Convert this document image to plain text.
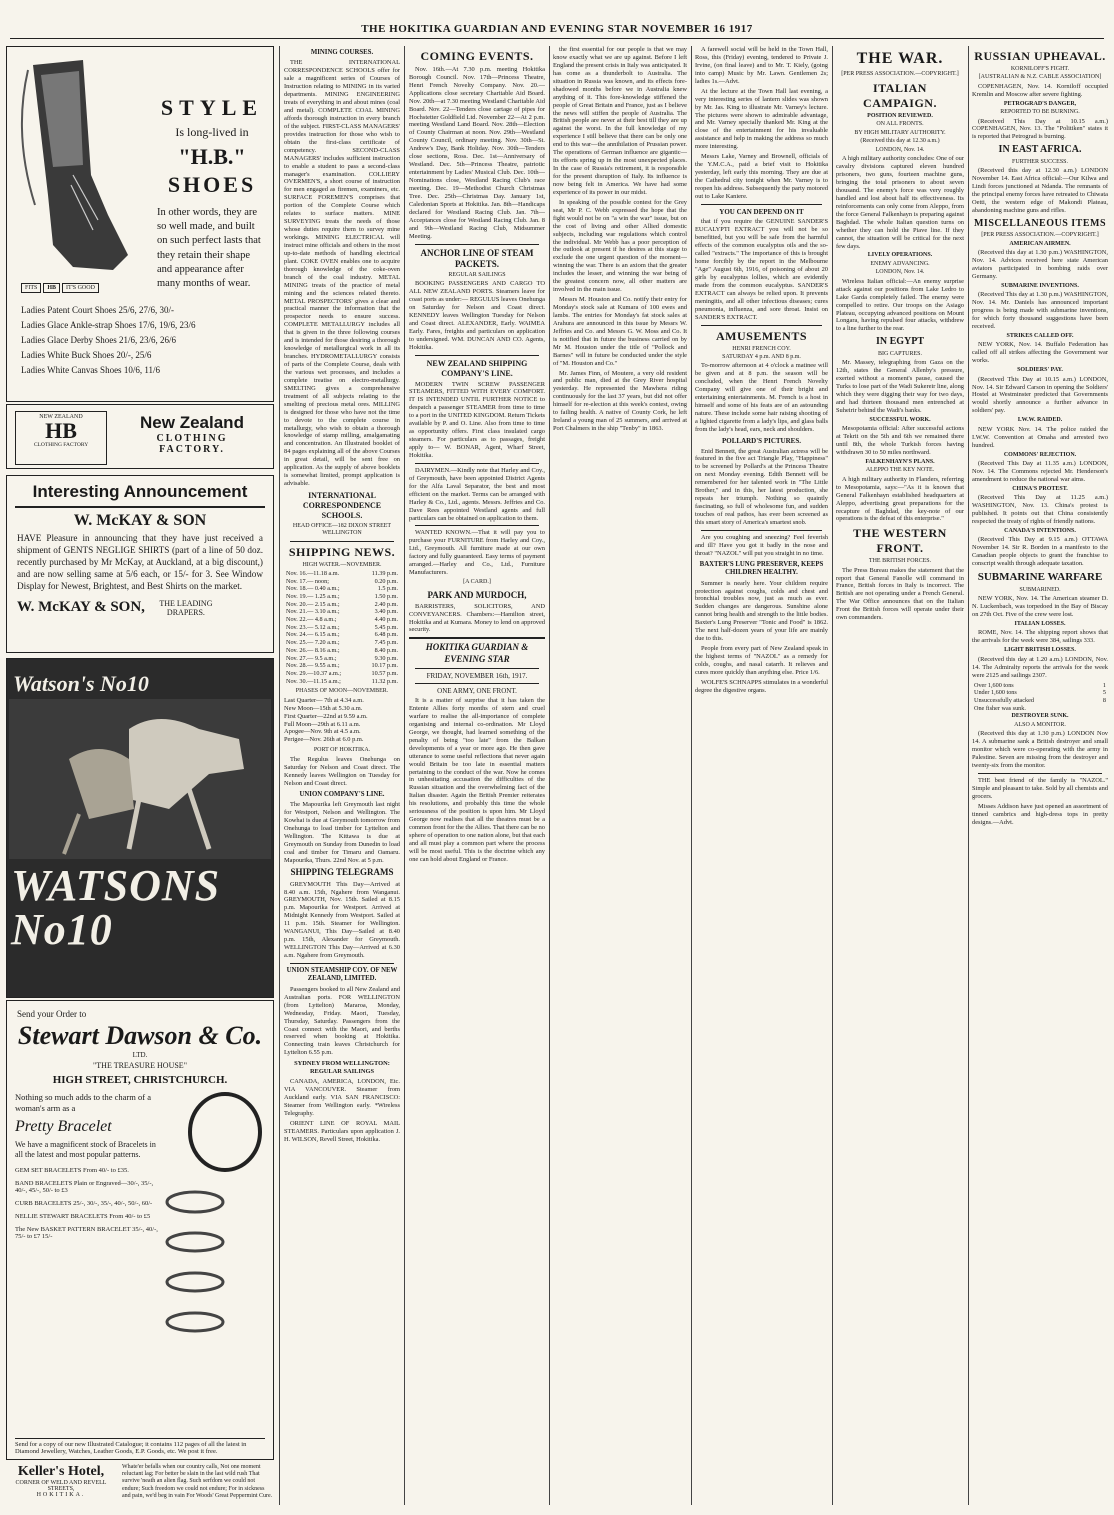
THE HOKITIKA GUARDIAN AND EVENING STAR NOVEMBER 16 1917
STYLE
Is long-lived in
"H.B."
SHOES
In other words, they are so well made, and built on such perfect lasts that they retain their shape and appearance after many months of wear.
FITS	HB	IT'S GOOD
Ladies Patent Court Shoes 25/6, 27/6, 30/-
Ladies Glace Ankle-strap Shoes 17/6, 19/6, 23/6
Ladies Glace Derby Shoes 21/6, 23/6, 26/6
Ladies White Buck Shoes 20/-, 25/6
Ladies White Canvas Shoes 10/6, 11/6
NEW ZEALAND
HB
CLOTHING FACTORY
New Zealand
CLOTHING
FACTORY.
Interesting Announcement
W. McKAY & SON
HAVE Pleasure in announcing that they have just received a shipment of GENTS NEGLIGE SHIRTS (part of a line of 50 doz. recently purchased by Mr McKay, at Auckland, at a big discount,) and are now selling same at 5/6 each, or 15/- for 3. See Window Display for Newest, Brightest, and Best Shirts on the market.
W. McKAY & SON,	THE LEADING DRAPERS.
Watson's No10
WATSONS No10
Send your Order to
Stewart Dawson & Co.
LTD.
"THE TREASURE HOUSE"
HIGH STREET, CHRISTCHURCH.
Nothing so much adds to the charm of a woman's arm as a
Pretty Bracelet
We have a magnificent stock of Bracelets in all the latest and most popular patterns.
GEM SET BRACELETS From 40/- to £35.
BAND BRACELETS Plain or Engraved—30/-, 35/-, 40/-, 45/-, 50/- to £3
CURB BRACELETS 25/-, 30/-, 35/-, 40/-, 50/-, 60/-
NELLIE STEWART BRACELETS From 40/- to £5
The New BASKET PATTERN BRACELET 35/-, 40/-, 75/- to £7 15/-
Send for a copy of our new Illustrated Catalogue; it contains 112 pages of all the latest in Diamond Jewellery, Watches, Leather Goods, E.P. Goods, etc. We post it free.
Keller's Hotel,
CORNER OF WELD AND REVELL STREETS,
HOKITIKA.
Whate'er befalls when our country calls, Not one moment reluctant lag; For better be slain in the last wild rush That survive 'neath an alien flag. Such serfdom we could not endure; Such freedom we could not endure; For in sickness and pain, we'd beg in vain For Woods' Great Peppermint Cure.
MINING COURSES.

THE INTERNATIONAL CORRESPONDENCE SCHOOLS offer for sale a magnificent series of Courses of Instruction relating to MINING in its varied departments. MINING ENGINEERING treats of everything in and about mines (coal and metal). COMPLETE COAL MINING affords thorough instruction in every branch of the subject. FIRST-CLASS MANAGERS' provides instruction for those who wish to obtain the first-class certificate of competency. SECOND-CLASS MANAGERS' includes sufficient instruction to enable a student to pass a second-class manager's examination. COLLIERY OVERMEN'S, a short course of instruction for men engaged as firemen, examiners, etc. SURFACE FOREMEN'S comprises that portion of the Complete Course which relates to surface matters. MINE SURVEYING treats the needs of those whose duties require them to survey mine workings. MINING ELECTRICAL will instruct mine officials and others in the most up-to-date methods of handling electrical plant. COKE OVEN enables one to acquire thorough knowledge of the coke-oven branch of the coal industry. METAL MINING treats of the practice of metal mining and the sciences related thereto. METAL PROSPECTORS' gives a clear and practical manner the information that the prospector needs to ensure success. COMPLETE METALLURGY includes all that is given in the three following courses and is intended for those desiring a thorough knowledge of metallurgical work in all its branches. HYDROMETALLURGY consists of parts of the Complete Course, deals with the various wet processes, and includes a complete treatise on electro-metallurgy. SMELTING gives a comprehensive treatment of all subjects relating to the smelting of precious metal ores. MILLING is designed for those who have not the time to devote to the complete course in metallurgy, who wish to obtain a thorough knowledge of stamp milling, amalgamating and concentration. An Illustrated booklet of 84 pages explaining all of the above Courses in great detail, will be sent free on application. As the supply of above booklets is somewhat limited, prompt application is advisable.

INTERNATIONAL CORRESPONDENCE SCHOOLS.
HEAD OFFICE—182 DIXON STREET WELLINGTON
SHIPPING NEWS.
HIGH WATER.—NOVEMBER.
Nov. 16.—11.18 a.m.	11.39 p.m.
Nov. 17.— noon;	0.20 p.m.
Nov. 18.— 0.40 a.m.;	1.5 p.m.
Nov. 19.— 1.25 a.m.;	1.50 p.m.
Nov. 20.— 2.15 a.m.;	2.40 p.m.
Nov. 21.— 3.10 a.m.;	3.40 p.m.
Nov. 22.— 4.8 a.m.;	4.40 p.m.
Nov. 23.— 5.12 a.m.;	5.45 p.m.
Nov. 24.— 6.15 a.m.;	6.48 p.m.
Nov. 25.— 7.20 a.m.;	7.45 p.m.
Nov. 26.— 8.16 a.m.;	8.40 p.m.
Nov. 27.— 9.5 a.m.;	9.30 p.m.
Nov. 28.— 9.55 a.m.;	10.17 p.m.
Nov. 29.—10.37 a.m.;	10.57 p.m.
Nov. 30.—11.15 a.m.;	11.32 p.m.
PHASES OF MOON—NOVEMBER.
Last Quarter— 7th at 4.34 a.m.
New Moon—15th at 5.30 a.m.
First Quarter—22nd at 9.59 a.m.
Full Moon—29th at 6.11 a.m.
Apogee—Nov. 9th at 4.5 a.m.
Perigee—Nov. 26th at 6.0 p.m.
PORT OF HOKITIKA.

The Regulus leaves Onehunga on Saturday for Nelson and Coast direct. The Kennedy leaves Wellington on Tuesday for Nelson and Coast direct.

UNION COMPANY'S LINE.

The Mapourika left Greymouth last night for Westport, Nelson and Wellington. The Kowhai is due at Greymouth tomorrow from Onehunga to load timber for Lyttelton and Wellington. The Kittawa is due at Greymouth on Sunday from Dunedin to load coal and timber for Timaru and Oamaru. Mapourika, Thurs. 22nd Nov. at 5 p.m.

SHIPPING TELEGRAMS

GREYMOUTH This Day—Arrived at 8.40 a.m. 15th, Ngahere from Wanganui. GREYMOUTH, Nov. 15th. Sailed at 8.15 p.m. Mapourika for Westport. Arrived at Midnight Kennedy from Westport. Sailed at 11 p.m. 15th. Steamer for Wellington. WANGANUI, This Day—Sailed at 8.40 p.m. 15th, Alexander for Greymouth. WELLINGTON This Day—Arrived at 6.30 a.m. Ngahere from Greymouth.

UNION STEAMSHIP COY. OF NEW ZEALAND, LIMITED.

Passengers booked to all New Zealand and Australian ports. FOR WELLINGTON (from Lyttelton) Mararoa, Monday, Wednesday, Friday. Maori, Tuesday, Thursday, Saturday. Passengers from the Coast connect with the Maori, and berths reserved when booking at Hokitika. Connecting train leaves Christchurch for Lyttelton 6.55 p.m.

SYDNEY FROM WELLINGTON: REGULAR SAILINGS

CANADA, AMERICA, LONDON, Etc. VIA VANCOUVER. Steamer from Auckland early. VIA SAN FRANCISCO: Steamer from Wellington early. *Wireless Telegraphy.

ORIENT LINE OF ROYAL MAIL STEAMERS. Particulars upon application J. H. WILSON, Revell Street, Hokitika.

COMING EVENTS.

Nov. 16th.—At 7.30 p.m. meeting Hokitika Borough Council. Nov. 17th—Princess Theatre, Henri French Novelty Company. Nov. 20.—Applications close secretary Charitable Aid Board. Nov. 20th—at 7.30 meeting Westland Charitable Aid Board. Nov. 22—Tenders close cartage of pipes for Hochstetter Goldfield Ltd. November 22—At 2 p.m. meeting Westland Land Board. Nov. 28th—Election of County Chairman at noon. Nov. 29th—Westland County Council, ordinary meeting. Nov. 30th—St. Andrew's Day, Bank Holiday. Nov. 30th—Tenders close sections, Ross. Dec. 1st—Anniversary of Westland. Dec. 5th—Princess Theatre, patriotic entertainment by Ladies' Musical Club. Dec. 10th—Nominations close, Westland Racing Club's race meeting. Dec. 19—Methodist Church Christmas Tree. Dec. 25th—Christmas Day. January 1st, Caledonian Sports at Hokitika. Jan. 8th—Handicaps declared for Westland Racing Club. Jan. 7th—Acceptances close for Westland Racing Club. Jan. 8 and 9th—Westland Racing Club, Midsummer Meeting.

ANCHOR LINE OF STEAM PACKETS.
REGULAR SAILINGS

BOOKING PASSENGERS AND CARGO TO ALL NEW ZEALAND PORTS. Steamers leave for coast ports as under:— REGULUS leaves Onehunga on Saturday for Nelson and Coast direct. KENNEDY leaves Wellington Tuesday for Nelson and Coast direct. ALEXANDER, Early. WAIMEA Early. Fares, freights and particulars on application to undersigned. WM. DUNCAN AND CO. Agents, Hokitika.

NEW ZEALAND SHIPPING COMPANY'S LINE.

MODERN TWIN SCREW PASSENGER STEAMERS, FITTED WITH EVERY COMFORT. IT IS INTENDED UNTIL FURTHER NOTICE to despatch a passenger STEAMER from time to time to a port in the UNITED KINGDOM. Return Tickets available by P. and O. Line. Also from time to time as opportunity offers. First class insulated cargo steamers. For particulars as to passages, freight apply to— W. BONAR, Agent, Wharf Street, Hokitika.

DAIRYMEN.—Kindly note that Harley and Coy., of Greymouth, have been appointed District Agents for the Alfa Laval Separator, the best and most efficient on the market. Terms can be arranged with Harley & Co., Ltd., agents. Messrs. Jeffries and Co. Dave Rees appointed Westland agents and full particulars can be obtained on application to them.

WANTED KNOWN.—That it will pay you to purchase your FURNITURE from Harley and Coy., Ltd., Greymouth. All furniture made at our own factory and fully guaranteed. Easy terms of payment arranged.—Harley and Co., Ltd., Furniture Manufacturers.

[A CARD.]
PARK AND MURDOCH,

BARRISTERS, SOLICITORS, AND CONVEYANCERS. Chambers:—Hamilton street, Hokitika and at Kumara. Money to lend on approved security.

HOKITIKA GUARDIAN & EVENING STAR
FRIDAY, NOVEMBER 16th, 1917.
ONE ARMY, ONE FRONT.

It is a matter of surprise that it has taken the Entente Allies forty months of stern and cruel warfare to realise the all-importance of complete organising and internal co-ordination. Mr Lloyd George, we thought, had learned something of the penalty of being "too late" from the Balkan developments of a year or more ago. He then gave utterance to some useful reflections that never again would Britain be too late in essential matters pertaining to the conduct of the war. Now he comes in unhesitating accusation the difficulties of the Russian situation and the overwhelming fact of the Italian disaster. Again the British Premier reiterates his resolutions, and probably this time the whole seriousness of the position is upon him. Mr Lloyd George now realises that all the theatres must be a common front for the the Allies. That there can be no sphere of operation to one nation alone, but that each and all must play a common part where the process will be most useful. This is the doctrine which any one can hold about England or France.

the first essential for our people is that we may know exactly what we are up against. Before I left England the present crisis in Italy was anticipated. It has come as a thunderbolt to Australia. The situation in Russia was known, and its effects fore-shadowed months before we in Australia knew anything of it. This fore-knowledge stiffened the people of Great Britain and France, just as I believe the news will stiffen the people of Australia. The British people are never at their best till they are up against the worst. In the full knowledge of my experience I still believe that there can be only one end to this war—the annihilation of Prussian power. The operations of German influence are gigantic—its efforts spring up in the most unexpected places. In the case of Russia's retirement, it is responsible for the present disruption of Italy. Its influence is now being felt in America. We have had some experience of its power in our midst.

In speaking of the possible contest for the Grey seat, Mr P. C. Webb expressed the hope that the fight would not be on "a win the war" issue, but on the cost of living and other Allied domestic subjects, including war regulations which control the individual. Mr Webb has a poor perception of the outlook at present if he desires at this stage to exclude the one urgent question of the moment—winning the war. There is an axiom that the greater includes the lesser, and winning the war being of the greatest concern now, all other matters are involved in the main issue.

Messrs M. Houston and Co. notify their entry for Monday's stock sale at Kumara of 100 ewes and lambs. The entries for Monday's fat stock sales at Arahura are announced in this issue by Messrs W. Jeffries and Co. and Messrs G. W. Moss and Co. It is notified that in future the business carried on by Mr M. Houston under the title of "Pollock and Barnes" will in future be conducted under the style of "M. Houston and Co."

Mr. James Finn, of Moutere, a very old resident and public man, died at the Grey River hospital yesterday. He represented the Mawhera riding continuously for the last 37 years, but did not offer himself for re-election at this week's contest, owing to failing health. A native of County Cork, he left Ireland a young man of 25 summers, and arrived at Port Chalmers in the ship "Tenby" in 1863.

A farewell social will be held in the Town Hall, Ross, this (Friday) evening, tendered to Private J. Irvine, (on final leave) and to Mr. T. Kiely, (going into camp) Music by Mr. Lawn. Gentlemen 2s; ladies 1s.—Advt.

At the lecture at the Town Hall last evening, a very interesting series of lantern slides was shown by Mr. Jas. King to illustrate Mr. Varney's lecture. The pictures were shown to admirable advantage, and Mr. Varney specially thanked Mr. King at the close of the entertainment for his invaluable assistance and help in making the address so much more interesting.

Messrs Lake, Varney and Brownell, officials of the Y.M.C.A., paid a brief visit to Hokitika yesterday, left early this morning. They are due at the Cathedral city tonight when Mr. Varney is to reopen his address. Subsequently the party motored out to Lake Kaniere.

YOU CAN DEPEND ON IT

that if you require the GENUINE SANDER'S EUCALYPTI EXTRACT you will not be so benefitted, but you will be safe from the harmful effects of the common eucalyptus oils and the so-called "extracts." The importance of this is brought home forcibly by the report in the Melbourne "Age" August 6th, 1916, of poisoning of about 20 girls by eucalyptus lollies, which are evidently made from the common eucalyptus. SANDER'S EXTRACT can always be relied upon. It prevents meningitis, and all other infectious diseases; cures pneumonia, influenza, and sore throat. Insist on SANDER'S EXTRACT.

AMUSEMENTS
HENRI FRENCH COY.
SATURDAY 4 p.m. AND 8 p.m.

To-morrow afternoon at 4 o'clock a matinee will be given and at 8 p.m. the season will be concluded, when the Henri French Novelty Company will give one of their bright and entertaining entertainments. M. French is a host in himself and some of his feats are of an astounding nature. These include some hair raising shooting of a lighted cigarette from a lady's lips, and glass balls from the lady's head, ears, neck and shoulders.

POLLARD'S PICTURES.

Enid Bennett, the great Australian actress will be featured in the five act Triangle Play, "Happiness" to be screened by Pollard's at the Princess Theatre on next Monday evening. Edith Bennett will be remembered for her talented work in "The Little Brother," and in this, her latest production, she repeats her triumph. Nothing so quaintly fascinating, so full of wholesome fun, and sudden touches of real pathos, has ever been screened as this smart story of America's smartest snob.

Are you coughing and sneezing? Feel feverish and ill? Have you got it badly in the nose and throat? "NAZOL" will put you straight in no time.

BAXTER'S LUNG PRESERVER, KEEPS CHILDREN HEALTHY.

Summer is nearly here. Your children require protection against coughs, colds and chest and bronchial troubles now, just as much as ever. Sudden changes are dangerous. Sunshine alone cannot bring health and strength to the little bodies. Baxter's Lung Preserver "Tonic and Food" is 1862. The next half-dozen years of your life are mainly due to this.

People from every part of New Zealand speak in the highest terms of "NAZOL" as a remedy for colds, coughs, and nasal catarrh. It relieves and cures more quickly than anything else. Price 1/6.

WOLFE'S SCHNAPPS stimulates in a wonderful degree the digestive organs.

THE WAR.
[PER PRESS ASSOCIATION.—COPYRIGHT.]
ITALIAN CAMPAIGN.
POSITION REVIEWED.
ON ALL FRONTS.
BY HIGH MILITARY AUTHORITY.
(Received this day at 12.30 a.m.)
LONDON, Nov. 14.

A high military authority concludes: One of our cavalry divisions captured eleven hundred prisoners, two guns, fourteen machine guns, bringing the total prisoners to about seven thousand. The enemy's force was very roughly handled and lost about half its effectiveness. Its reinforcements can only come from Aleppo, from the force General Falkenhayn is preparing against Baghdad. The whole Italian question turns on whether they can hold the Piave line. If they cannot, the situation will be critical for the next few days.

LIVELY OPERATIONS.
ENEMY ADVANCING.
LONDON, Nov. 14.

Wireless Italian official:—An enemy surprise attack against our positions from Lake Ledro to Lake Garda completely failed. The enemy were compelled to retire. Our troops on the Asiago Plateau, occupying advanced positions on Mount Longara, having repulsed four attacks, withdrew to a line further to the rear.

IN EGYPT
BIG CAPTURES.

Mr. Massey, telegraphing from Gaza on the 12th, states the General Allenby's pressure, exerted without a moment's pause, caused the Turks to lose part of the Wadi Sukereir line, along which they were digging their way for two days, and had thirteen thousand men entrenched at Suheirir behind the Wadi's banks.

SUCCESSFUL WORK.

Mesopotamia official: After successful actions at Tekrit on the 5th and 6th we remained there until 8th, the whole Turkish forces having withdrawn 30 to 50 miles northward.

FALKENHAYN'S PLANS.
ALEPPO THE KEY NOTE.

A high military authority in Flanders, referring to Mesopotamia, says:—"As it is known that General Falkenhayn established headquarters at Aleppo, advertising great preparations for the recapture of Baghdad, the key-note of our operations is the defeat of this enterprise."

THE WESTERN FRONT.
THE BRITISH FORCES.

The Press Bureau makes the statement that the report that General Fanolle will command in France, British forces in Italy is incorrect. The British are not operating under a French General. The War Office announces that on the Italian Front the British forces will operate under their own commanders.

RUSSIAN UPHEAVAL.
KORNILOFF'S FIGHT.
[AUSTRALIAN & N.Z. CABLE ASSOCIATION]

COPENHAGEN, Nov. 14. Korniloff occupied Kremlin and Moscow after severe fighting.

PETROGRAD'S DANGER,
REPORTED TO BE BURNING.

(Received This Day at 10.15 a.m.) COPENHAGEN, Nov. 13. The "Politiken" states it is reported that Petrograd is burning.

IN EAST AFRICA.
FURTHER SUCCESS.

(Received this day at 12.30 a.m.) LONDON November 14. East Africa official:—Our Kilwa and Lindi forces junctioned at Ndanda. The remnants of the principal enemy forces have retreated to Chiwata Oetti, the western edge of Makondi Plateau, abandoning machine guns and rifles.

MISCELLANEOUS ITEMS
[PER PRESS ASSOCIATION.—COPYRIGHT.]
AMERICAN AIRMEN.

(Received this day at 1.30 p.m.) WASHINGTON, Nov. 14. Advices received here state American aviators participated in bombing raids over Germany.

SUBMARINE INVENTIONS.

(Received This day at 1.30 p.m.) WASHINGTON, Nov. 14. Mr. Daniels has announced important progress is being made with submarine inventions, for which forty thousand suggestions have been received.

STRIKES CALLED OFF.

NEW YORK, Nov. 14. Buffalo Federation has called off all strikes affecting the Government war works.

SOLDIERS' PAY.

(Received This Day at 10.15 a.m.) LONDON, Nov. 14. Sir Edward Carson in opening the Soldiers' Hostel at Westminster predicted that Governments would shortly announce a further advance in soldiers' pay.

I.W.W. RAIDED.

NEW YORK Nov. 14. The police raided the I.W.W. Convention at Omaha and arrested two hundred.

COMMONS' REJECTION.

(Received This Day at 11.35 a.m.) LONDON, Nov. 14. The Commons rejected Mr. Henderson's amendment to reduce the national war aims.

CHINA'S PROTEST.

(Received This Day at 11.25 a.m.) WASHINGTON, Nov. 13. China's protest is published. It points out that China consistently respected the treaty of rights of friendly nations.

CANADA'S INTENTIONS.

(Received This Day at 9.15 a.m.) OTTAWA November 14. Sir R. Borden in a manifesto to the Canadian people objects to grant the franchise to conscript wealth through adequate taxation.

SUBMARINE WARFARE
SUBMARINED.

NEW YORK, Nov. 14. The American steamer D. N. Luckenbach, was torpedoed in the Bay of Biscay on 27th Oct. Five of the crew were lost.

ITALIAN LOSSES.

ROME, Nov. 14. The shipping report shows that the arrivals for the week were 384, sailings 333.

LIGHT BRITISH LOSSES.

(Received this day at 1.20 a.m.) LONDON, Nov. 14. The Admiralty reports the arrivals for the week were 2125 and sailings 2307.

Over 1,600 tons	1
Under 1,600 tons	5
Unsuccessfully attacked	8
One fisher was sunk.	
DESTROYER SUNK.
ALSO A MONITOR.

(Received this day at 1.30 p.m.) LONDON Nov 14. A submarine sank a British destroyer and small monitor which were co-operating with the army in Palestine. Seven are missing from the destroyer and twenty-six from the monitor.

THE best friend of the family is "NAZOL." Simple and pleasant to take. Sold by all chemists and grocers.

Misses Addison have just opened an assortment of tinned cambrics and high-dress tops in pretty designs.—Advt.
